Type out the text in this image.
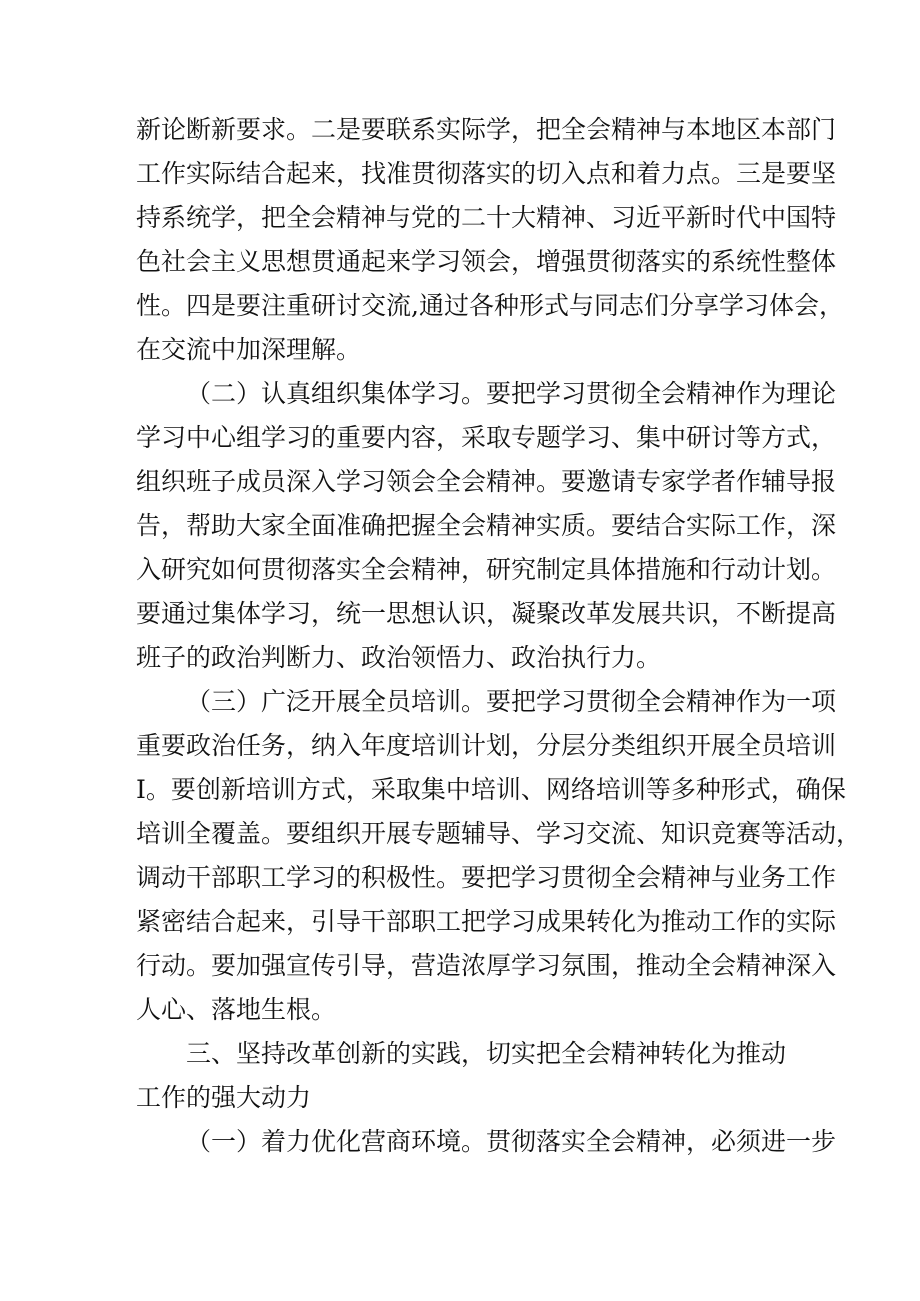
新论断新要求。二是要联系实际学，把全会精神与本地区本部门
工作实际结合起来，找准贯彻落实的切入点和着力点。三是要坚
持系统学，把全会精神与党的二十大精神、习近平新时代中国特
色社会主义思想贯通起来学习领会，增强贯彻落实的系统性整体
性。四是要注重研讨交流,通过各种形式与同志们分享学习体会，
在交流中加深理解。
（二）认真组织集体学习。要把学习贯彻全会精神作为理论
学习中心组学习的重要内容，采取专题学习、集中研讨等方式，
组织班子成员深入学习领会全会精神。要邀请专家学者作辅导报
告，帮助大家全面准确把握全会精神实质。要结合实际工作，深
入研究如何贯彻落实全会精神，研究制定具体措施和行动计划。
要通过集体学习，统一思想认识，凝聚改革发展共识，不断提高
班子的政治判断力、政治领悟力、政治执行力。
（三）广泛开展全员培训。要把学习贯彻全会精神作为一项
重要政治任务，纳入年度培训计划，分层分类组织开展全员培训
I。要创新培训方式，采取集中培训、网络培训等多种形式，确保
培训全覆盖。要组织开展专题辅导、学习交流、知识竞赛等活动，
调动干部职工学习的积极性。要把学习贯彻全会精神与业务工作
紧密结合起来，引导干部职工把学习成果转化为推动工作的实际
行动。要加强宣传引导，营造浓厚学习氛围，推动全会精神深入
人心、落地生根。
三、坚持改革创新的实践，切实把全会精神转化为推动
工作的强大动力
（一）着力优化营商环境。贯彻落实全会精神，必须进一步
